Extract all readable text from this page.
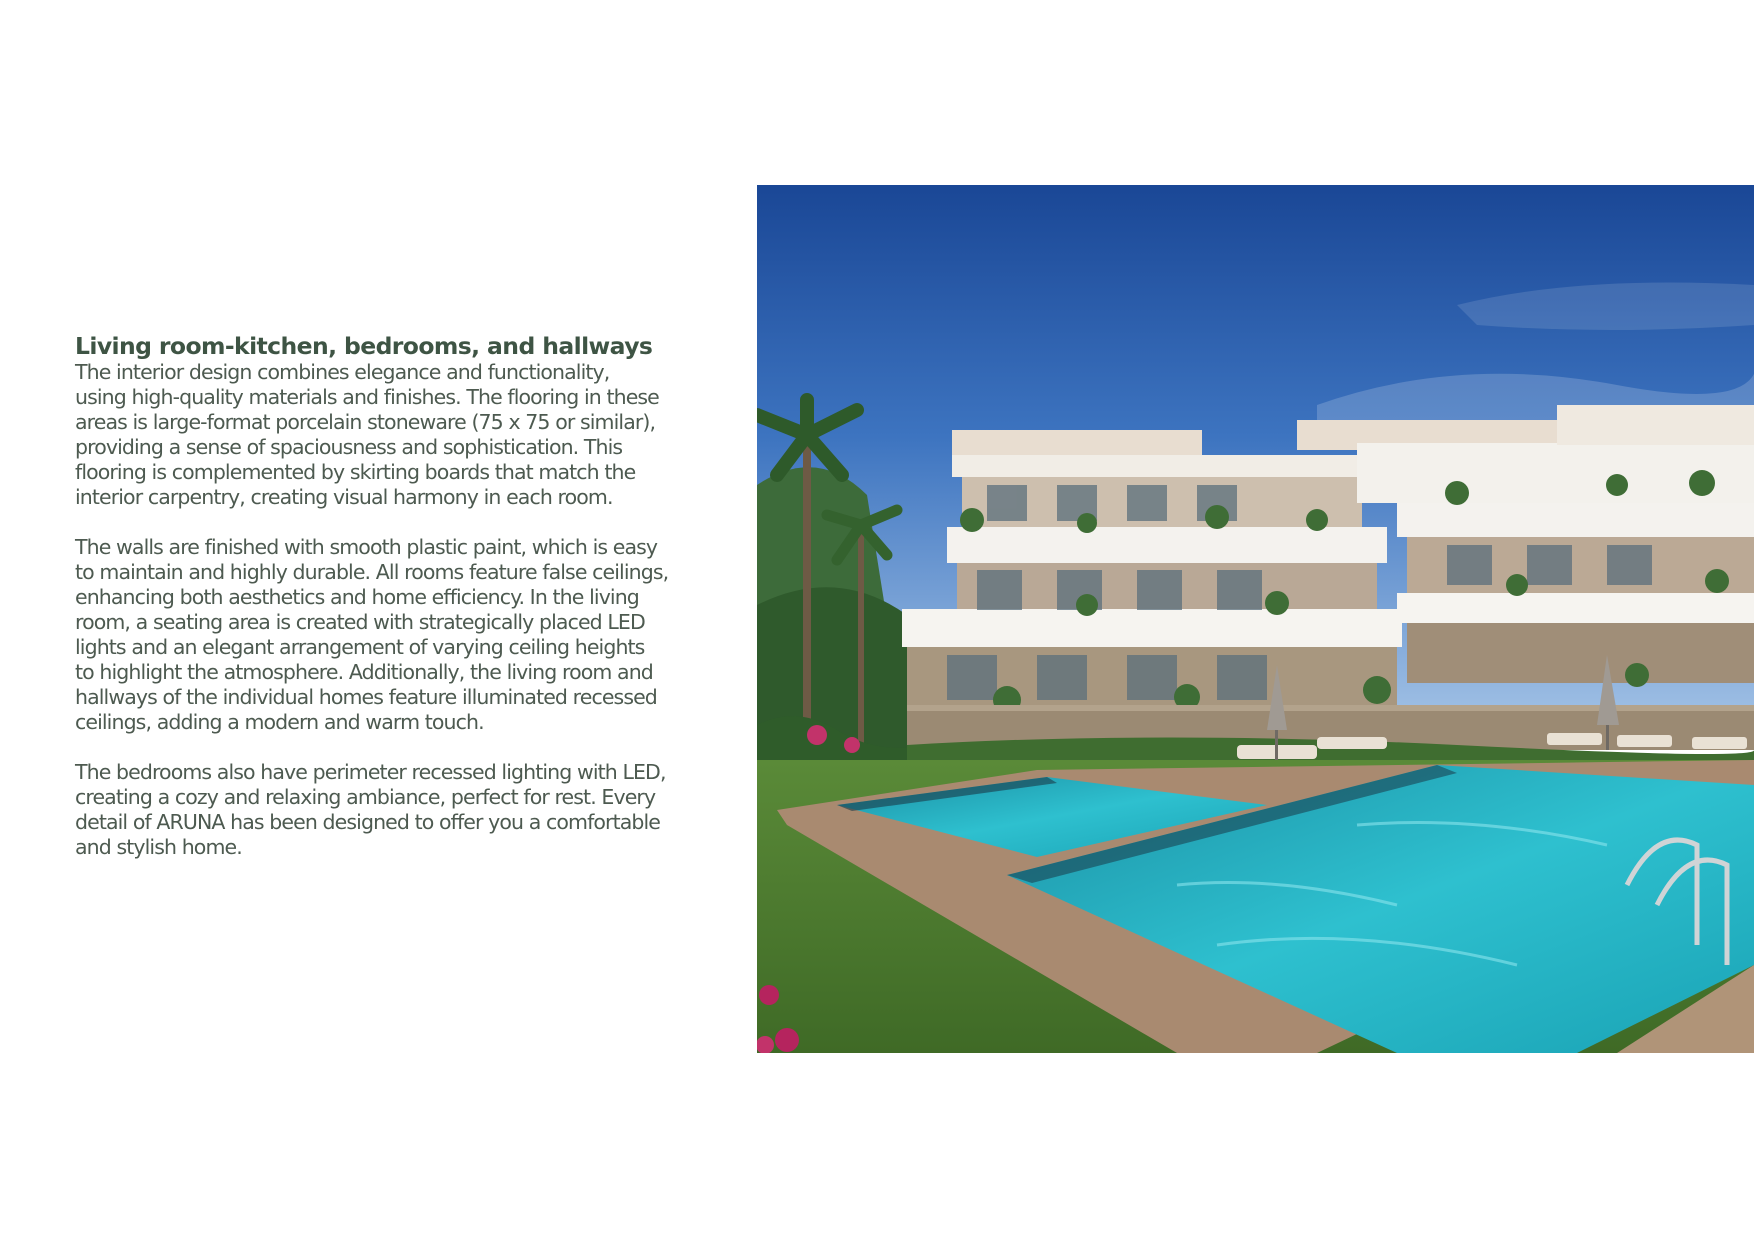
Living room-kitchen, bedrooms, and hallways

The interior design combines elegance and functionality,
using high-quality materials and finishes. The flooring in these
areas is large-format porcelain stoneware (75 x 75 or similar),
providing a sense of spaciousness and sophistication. This
flooring is complemented by skirting boards that match the
interior carpentry, creating visual harmony in each room.

The walls are finished with smooth plastic paint, which is easy
to maintain and highly durable. All rooms feature false ceilings,
enhancing both aesthetics and home efficiency. In the living
room, a seating area is created with strategically placed LED
lights and an elegant arrangement of varying ceiling heights
to highlight the atmosphere. Additionally, the living room and
hallways of the individual homes feature illuminated recessed
ceilings, adding a modern and warm touch.

The bedrooms also have perimeter recessed lighting with LED,
creating a cozy and relaxing ambiance, perfect for rest. Every
detail of ARUNA has been designed to offer you a comfortable
and stylish home.
